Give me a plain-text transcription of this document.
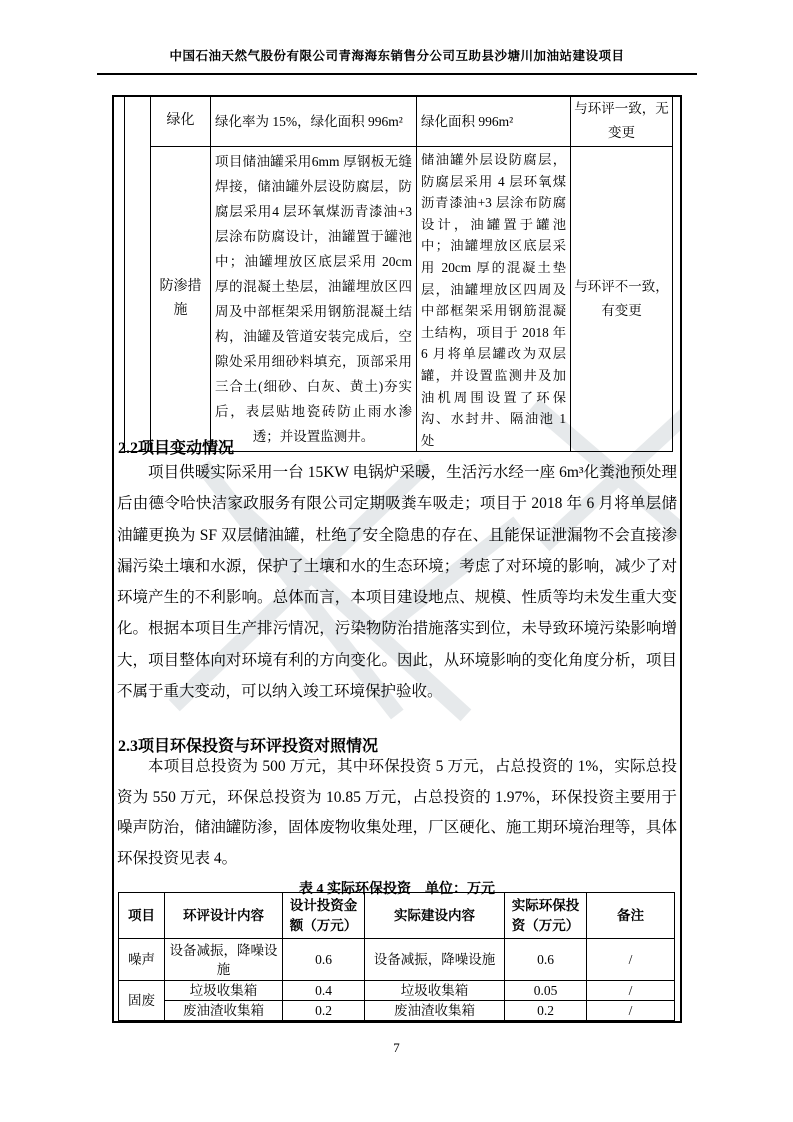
中国石油天然气股份有限公司青海海东销售分公司互助县沙塘川加油站建设项目
	绿化	绿化率为 15%，绿化面积 996m²	绿化面积 996m²	与环评一致，无变更
	防渗措施	项目储油罐采用6mm 厚钢板无缝焊接，储油罐外层设防腐层，防腐层采用4 层环氧煤沥青漆油+3 层涂布防腐设计，油罐置于罐池中；油罐埋放区底层采用 20cm 厚的混凝土垫层，油罐埋放区四周及中部框架采用钢筋混凝土结构，油罐及管道安装完成后，空隙处采用细砂料填充，顶部采用三合土(细砂、白灰、黄土)夯实后，表层贴地瓷砖防止雨水渗透；并设置监测井。	储油罐外层设防腐层，防腐层采用 4 层环氧煤沥青漆油+3 层涂布防腐设计，油罐置于罐池中；油罐埋放区底层采用 20cm 厚的混凝土垫层，油罐埋放区四周及中部框架采用钢筋混凝土结构，项目于 2018 年 6 月将单层罐改为双层罐，并设置监测井及加油机周围设置了环保沟、水封井、隔油池 1 处	与环评不一致，有变更
2.2项目变动情况
项目供暖实际采用一台 15KW 电锅炉采暖，生活污水经一座 6m³化粪池预处理后由德令哈快洁家政服务有限公司定期吸粪车吸走；项目于 2018 年 6 月将单层储油罐更换为 SF 双层储油罐，杜绝了安全隐患的存在、且能保证泄漏物不会直接渗漏污染土壤和水源，保护了土壤和水的生态环境；考虑了对环境的影响，减少了对环境产生的不利影响。总体而言，本项目建设地点、规模、性质等均未发生重大变化。根据本项目生产排污情况，污染物防治措施落实到位，未导致环境污染影响增大，项目整体向对环境有利的方向变化。因此，从环境影响的变化角度分析，项目不属于重大变动，可以纳入竣工环境保护验收。
2.3项目环保投资与环评投资对照情况
本项目总投资为 500 万元，其中环保投资 5 万元，占总投资的 1%，实际总投资为 550 万元，环保总投资为 10.85 万元，占总投资的 1.97%，环保投资主要用于噪声防治，储油罐防渗，固体废物收集处理，厂区硬化、施工期环境治理等，具体环保投资见表 4。
表 4 实际环保投资　单位：万元
项目	环评设计内容	设计投资金额（万元）	实际建设内容	实际环保投资（万元）	备注
噪声	设备减振，降噪设施	0.6	设备减振，降噪设施	0.6	/
固废	垃圾收集箱	0.4	垃圾收集箱	0.05	/
	废油渣收集箱	0.2	废油渣收集箱	0.2	/
7
